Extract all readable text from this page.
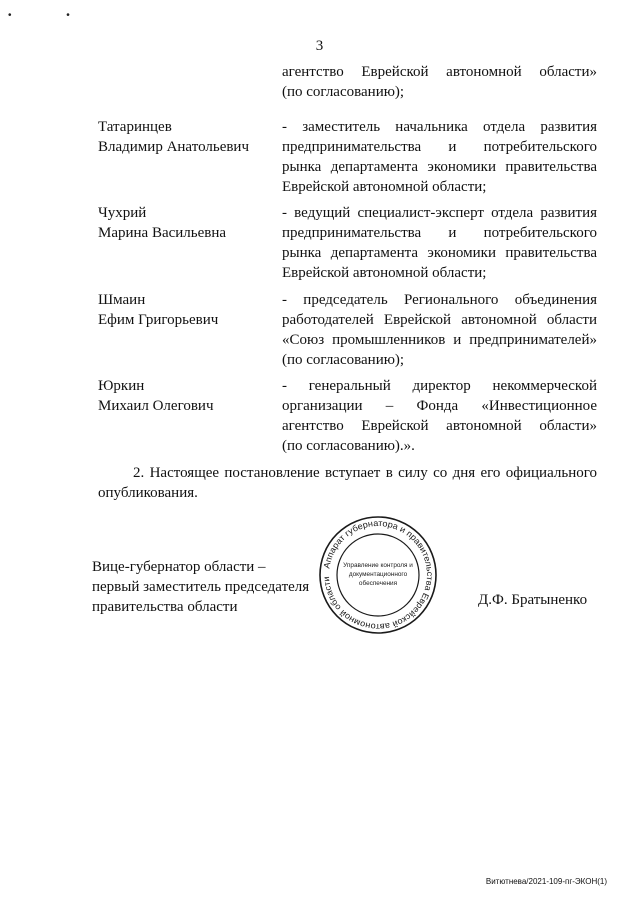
• •
3
агентство Еврейской автономной области»
(по согласованию);
Татаринцев
Владимир Анатольевич
- заместитель начальника отдела развития
предпринимательства и потребительского
рынка департамента экономики правительства
Еврейской автономной области;
Чухрий
Марина Васильевна
- ведущий специалист-эксперт отдела развития
предпринимательства и потребительского
рынка департамента экономики правительства
Еврейской автономной области;
Шмаин
Ефим Григорьевич
- председатель Регионального объединения
работодателей Еврейской автономной области
«Союз промышленников и предпринимателей»
(по согласованию);
Юркин
Михаил Олегович
- генеральный директор некоммерческой
организации – Фонда «Инвестиционное
агентство Еврейской автономной области»
(по согласованию).».
2. Настоящее постановление вступает в силу со дня его официального
опубликования.
Вице-губернатор области –
первый заместитель председателя
правительства области
Аппарат губернатора и правительства Еврейской автономной области
Управление контроля и
документационного
обеспечения
Д.Ф. Братыненко
Витютнева/2021-109-пг-ЭКОН(1)
